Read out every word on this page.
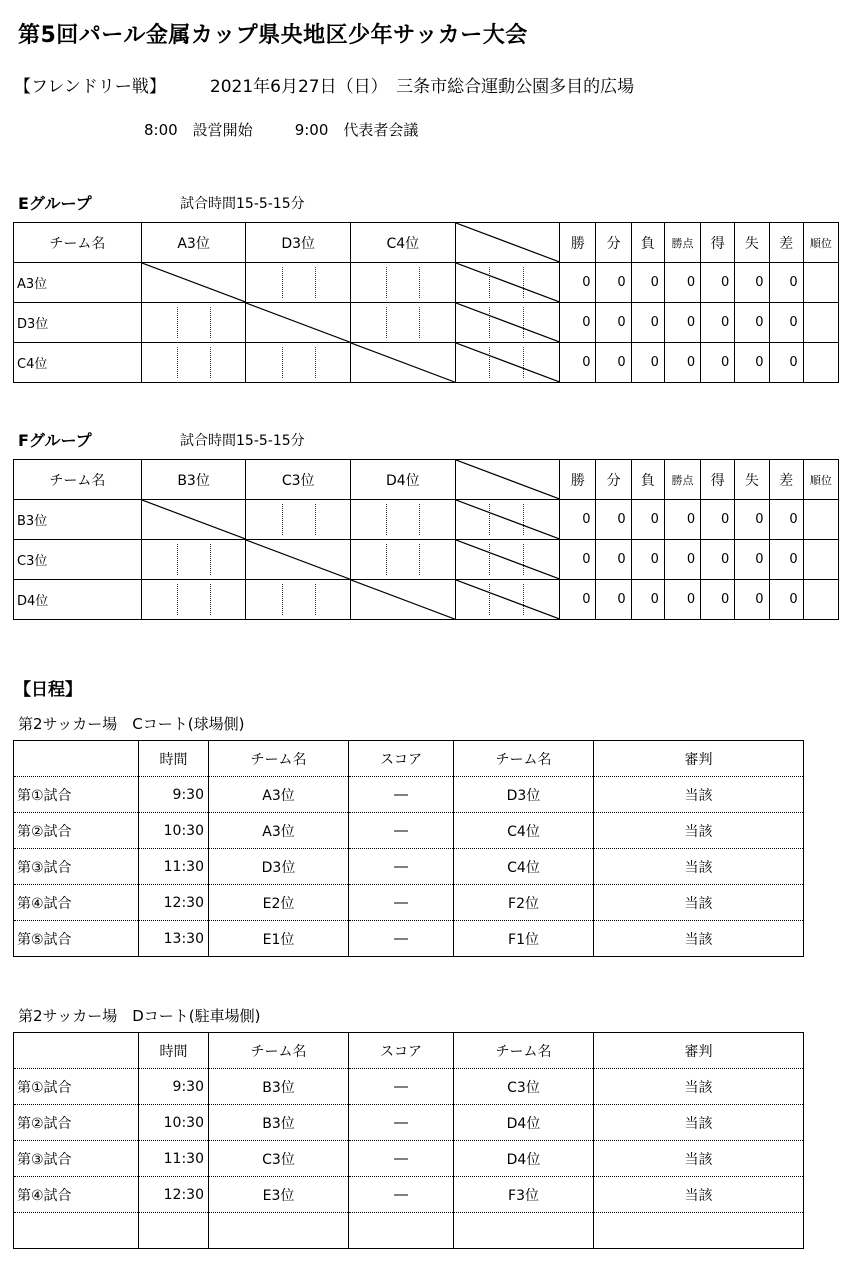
第5回パール金属カップ県央地区少年サッカー大会
【フレンドリー戦】	2021年6月27日（日）　三条市総合運動公園多目的広場
8:00　設営開始	9:00　代表者会議
Eグループ	試合時間15-5-15分
チーム名	A3位	D3位	C4位		勝	分	負	勝点	得	失	差	順位
A3位					0	0	0	0	0	0	0	
D3位					0	0	0	0	0	0	0	
C4位					0	0	0	0	0	0	0	
Fグループ	試合時間15-5-15分
チーム名	B3位	C3位	D4位		勝	分	負	勝点	得	失	差	順位
B3位					0	0	0	0	0	0	0	
C3位					0	0	0	0	0	0	0	
D4位					0	0	0	0	0	0	0	
【日程】
第2サッカー場　Cコート(球場側)
	時間	チーム名	スコア	チーム名	審判
第①試合	9:30	A3位	―	D3位	当該
第②試合	10:30	A3位	―	C4位	当該
第③試合	11:30	D3位	―	C4位	当該
第④試合	12:30	E2位	―	F2位	当該
第⑤試合	13:30	E1位	―	F1位	当該
第2サッカー場　Dコート(駐車場側)
	時間	チーム名	スコア	チーム名	審判
第①試合	9:30	B3位	―	C3位	当該
第②試合	10:30	B3位	―	D4位	当該
第③試合	11:30	C3位	―	D4位	当該
第④試合	12:30	E3位	―	F3位	当該
